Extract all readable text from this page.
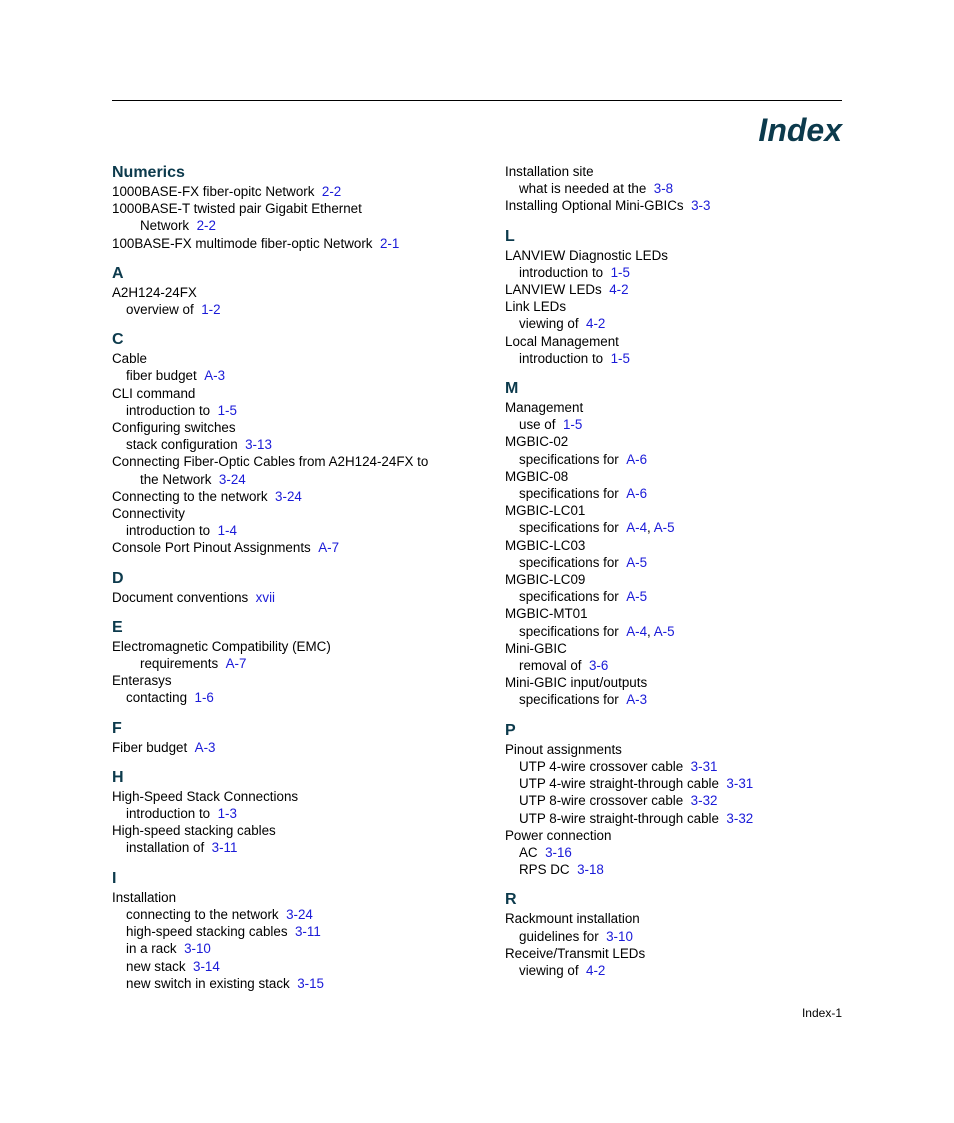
Index
Numerics
1000BASE-FX fiber-opitc Network 2-2
1000BASE-T twisted pair Gigabit Ethernet
Network 2-2
100BASE-FX multimode fiber-optic Network 2-1
A
A2H124-24FX
overview of 1-2
C
Cable
fiber budget A-3
CLI command
introduction to 1-5
Configuring switches
stack configuration 3-13
Connecting Fiber-Optic Cables from A2H124-24FX to
the Network 3-24
Connecting to the network 3-24
Connectivity
introduction to 1-4
Console Port Pinout Assignments A-7
D
Document conventions xvii
E
Electromagnetic Compatibility (EMC)
requirements A-7
Enterasys
contacting 1-6
F
Fiber budget A-3
H
High-Speed Stack Connections
introduction to 1-3
High-speed stacking cables
installation of 3-11
I
Installation
connecting to the network 3-24
high-speed stacking cables 3-11
in a rack 3-10
new stack 3-14
new switch in existing stack 3-15
Installation site
what is needed at the 3-8
Installing Optional Mini-GBICs 3-3
L
LANVIEW Diagnostic LEDs
introduction to 1-5
LANVIEW LEDs 4-2
Link LEDs
viewing of 4-2
Local Management
introduction to 1-5
M
Management
use of 1-5
MGBIC-02
specifications for A-6
MGBIC-08
specifications for A-6
MGBIC-LC01
specifications for A-4, A-5
MGBIC-LC03
specifications for A-5
MGBIC-LC09
specifications for A-5
MGBIC-MT01
specifications for A-4, A-5
Mini-GBIC
removal of 3-6
Mini-GBIC input/outputs
specifications for A-3
P
Pinout assignments
UTP 4-wire crossover cable 3-31
UTP 4-wire straight-through cable 3-31
UTP 8-wire crossover cable 3-32
UTP 8-wire straight-through cable 3-32
Power connection
AC 3-16
RPS DC 3-18
R
Rackmount installation
guidelines for 3-10
Receive/Transmit LEDs
viewing of 4-2
Index-1
